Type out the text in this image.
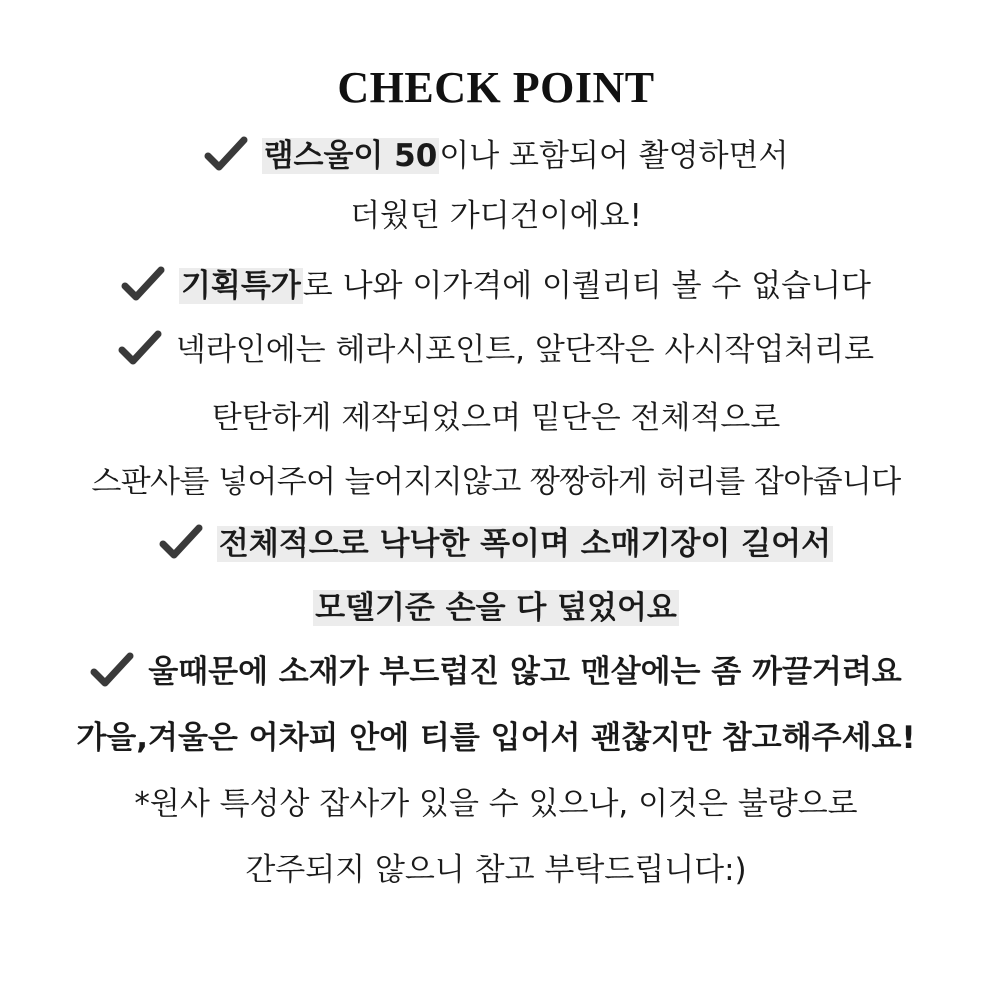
CHECK POINT
램스울이 50이나 포함되어 촬영하면서
더웠던 가디건이에요!
기획특가로 나와 이가격에 이퀄리티 볼 수 없습니다
넥라인에는 헤라시포인트, 앞단작은 사시작업처리로
탄탄하게 제작되었으며 밑단은 전체적으로
스판사를 넣어주어 늘어지지않고 짱짱하게 허리를 잡아줍니다
전체적으로 낙낙한 폭이며 소매기장이 길어서
모델기준 손을 다 덮었어요
울때문에 소재가 부드럽진 않고 맨살에는 좀 까끌거려요
가을,겨울은 어차피 안에 티를 입어서 괜찮지만 참고해주세요!
*원사 특성상 잡사가 있을 수 있으나, 이것은 불량으로
간주되지 않으니 참고 부탁드립니다:)
